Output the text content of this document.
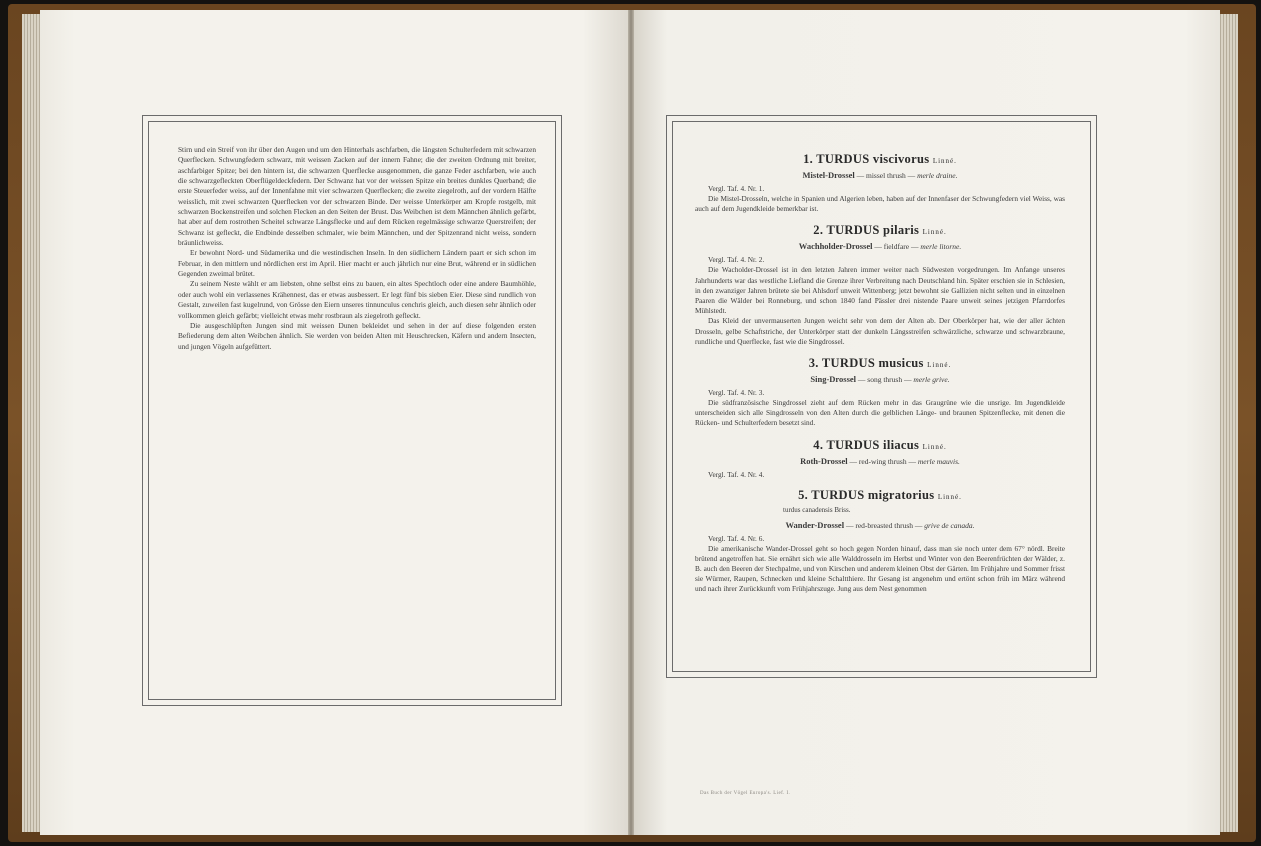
Stirn und ein Streif von ihr über den Augen und um den Hinterhals aschfarben, die längsten Schulterfedern mit schwarzen Querflecken. Schwungfedern schwarz, mit weissen Zacken auf der innern Fahne; die der zweiten Ordnung mit breiter, aschfarbiger Spitze; bei den hintern ist, die schwarzen Querflecke ausgenommen, die ganze Feder aschfarben, wie auch die schwarzgefleckten Oberflügeldeckfedern. Der Schwanz hat vor der weissen Spitze ein breites dunkles Querband; die erste Steuerfeder weiss, auf der Innenfahne mit vier schwarzen Querflecken; die zweite ziegelroth, auf der vordern Hälfte weisslich, mit zwei schwarzen Querflecken vor der schwarzen Binde. Der weisse Unterkörper am Kropfe rostgelb, mit schwarzen Bockenstreifen und solchen Flecken an den Seiten der Brust. Das Weibchen ist dem Männchen ähnlich gefärbt, hat aber auf dem rostrothen Scheitel schwarze Längsflecke und auf dem Rücken regelmässige schwarze Querstreifen; der Schwanz ist gefleckt, die Endbinde desselben schmaler, wie beim Männchen, und der Spitzenrand nicht weiss, sondern bräunlichweiss.

Er bewohnt Nord- und Südamerika und die westindischen Inseln. In den südlichern Ländern paart er sich schon im Februar, in den mittlern und nördlichen erst im April. Hier macht er auch jährlich nur eine Brut, während er in südlichen Gegenden zweimal brütet.

Zu seinem Neste wählt er am liebsten, ohne selbst eins zu bauen, ein altes Spechtloch oder eine andere Baumhöhle, oder auch wohl ein verlassenes Krähennest, das er etwas ausbessert. Er legt fünf bis sieben Eier. Diese sind rundlich von Gestalt, zuweilen fast kugelrund, von Grösse den Eiern unseres tinnunculus cenchris gleich, auch diesen sehr ähnlich oder vollkommen gleich gefärbt; vielleicht etwas mehr rostbraun als ziegelroth gefleckt.

Die ausgeschlüpften Jungen sind mit weissen Dunen bekleidet und sehen in der auf diese folgenden ersten Befiederung dem alten Weibchen ähnlich. Sie werden von beiden Alten mit Heuschrecken, Käfern und andern Insecten, und jungen Vögeln aufgefüttert.

1. TURDUS viscivorus Linné.

Mistel-Drossel — missel thrush — merle draine.

Vergl. Taf. 4. Nr. 1.

Die Mistel-Drosseln, welche in Spanien und Algerien leben, haben auf der Innenfaser der Schwungfedern viel Weiss, was auch auf dem Jugendkleide bemerkbar ist.

2. TURDUS pilaris Linné.

Wachholder-Drossel — fieldfare — merle litorne.

Vergl. Taf. 4. Nr. 2.

Die Wacholder-Drossel ist in den letzten Jahren immer weiter nach Südwesten vorgedrungen. Im Anfange unseres Jahrhunderts war das westliche Liefland die Grenze ihrer Verbreitung nach Deutschland hin. Später erschien sie in Schlesien, in den zwanziger Jahren brütete sie bei Ahlsdorf unweit Wittenberg; jetzt bewohnt sie Gallizien nicht selten und in einzelnen Paaren die Wälder bei Ronneburg, und schon 1840 fand Pässler drei nistende Paare unweit seines jetzigen Pfarrdorfes Mühlstedt.

Das Kleid der unvermauserten Jungen weicht sehr von dem der Alten ab. Der Oberkörper hat, wie der aller ächten Drosseln, gelbe Schaftstriche, der Unterkörper statt der dunkeln Längsstreifen schwärzliche, schwarze und schwarzbraune, rundliche und Querflecke, fast wie die Singdrossel.

3. TURDUS musicus Linné.

Sing-Drossel — song thrush — merle grive.

Vergl. Taf. 4. Nr. 3.

Die südfranzösische Singdrossel zieht auf dem Rücken mehr in das Graugrüne wie die unsrige. Im Jugendkleide unterscheiden sich alle Singdrosseln von den Alten durch die gelblichen Länge- und braunen Spitzenflecke, mit denen die Rücken- und Schulterfedern besetzt sind.

4. TURDUS iliacus Linné.

Roth-Drossel — red-wing thrush — merle mauvis.

Vergl. Taf. 4. Nr. 4.

5. TURDUS migratorius Linné.

turdus canadensis Briss.

Wander-Drossel — red-breasted thrush — grive de canada.

Vergl. Taf. 4. Nr. 6.

Die amerikanische Wander-Drossel geht so hoch gegen Norden hinauf, dass man sie noch unter dem 67° nördl. Breite brütend angetroffen hat. Sie ernährt sich wie alle Walddrosseln im Herbst und Winter von den Beerenfrüchten der Wälder, z. B. auch den Beeren der Stechpalme, und von Kirschen und anderem kleinen Obst der Gärten. Im Frühjahre und Sommer frisst sie Würmer, Raupen, Schnecken und kleine Schaltthiere. Ihr Gesang ist angenehm und ertönt schon früh im März während und nach ihrer Zurückkunft vom Frühjahrszuge. Jung aus dem Nest genommen

Das Buch der Vögel Europa's. Lief. I.
